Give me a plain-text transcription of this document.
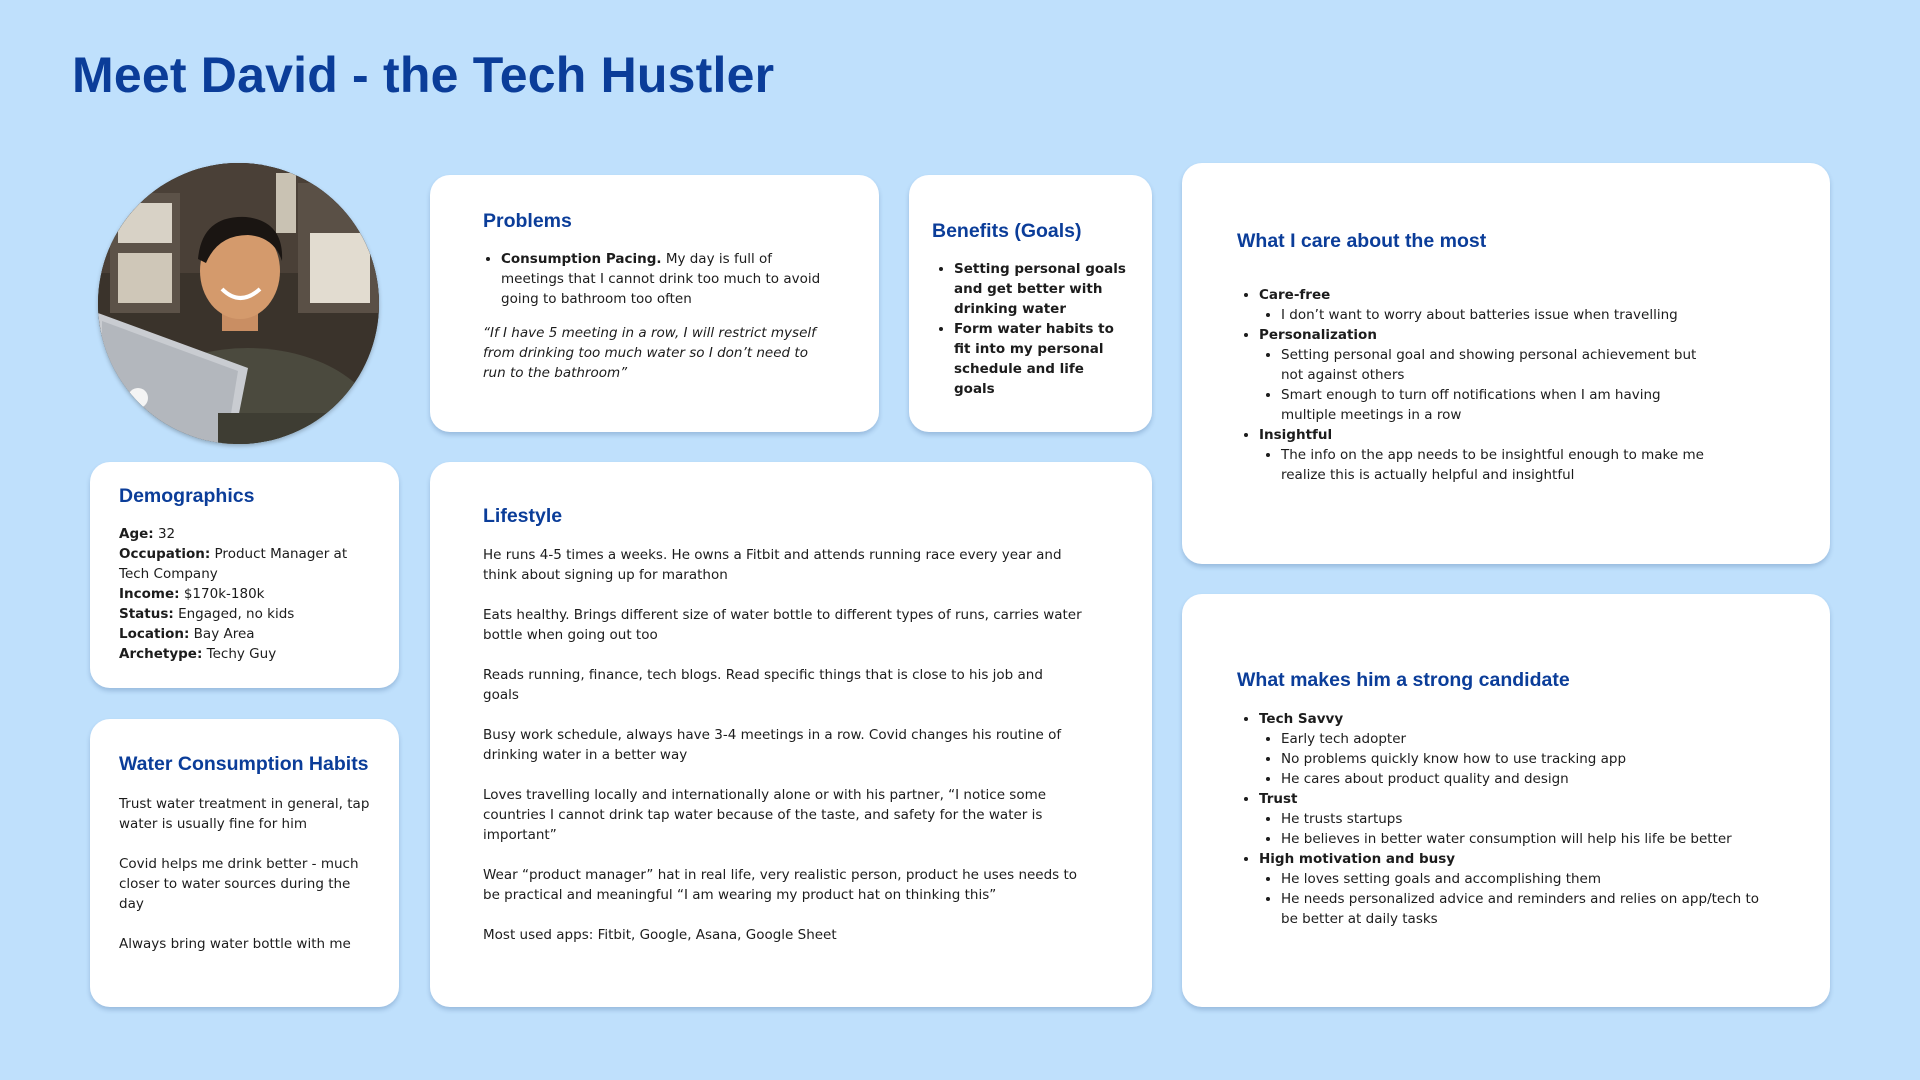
Meet David - the Tech Hustler
Demographics
Age: 32
Occupation: Product Manager at Tech Company
Income: $170k-180k
Status: Engaged, no kids
Location: Bay Area
Archetype: Techy Guy
Water Consumption Habits

Trust water treatment in general, tap water is usually fine for him

Covid helps me drink better - much closer to water sources during the day

Always bring water bottle with me

Problems
• Consumption Pacing. My day is full of meetings that I cannot drink too much to avoid going to bathroom too often
“If I have 5 meeting in a row, I will restrict myself from drinking too much water so I don’t need to run to the bathroom”
Benefits (Goals)
• Setting personal goals and get better with drinking water
• Form water habits to fit into my personal schedule and life goals
Lifestyle

He runs 4-5 times a weeks. He owns a Fitbit and attends running race every year and think about signing up for marathon

Eats healthy. Brings different size of water bottle to different types of runs, carries water bottle when going out too

Reads running, finance, tech blogs. Read specific things that is close to his job and goals

Busy work schedule, always have 3-4 meetings in a row. Covid changes his routine of drinking water in a better way

Loves travelling locally and internationally alone or with his partner, “I notice some countries I cannot drink tap water because of the taste, and safety for the water is important”

Wear “product manager” hat in real life, very realistic person, product he uses needs to be practical and meaningful “I am wearing my product hat on thinking this”

Most used apps: Fitbit, Google, Asana, Google Sheet

What I care about the most
• Care-free
• I don’t want to worry about batteries issue when travelling
• Personalization
• Setting personal goal and showing personal achievement but not against others
• Smart enough to turn off notifications when I am having multiple meetings in a row
• Insightful
• The info on the app needs to be insightful enough to make me realize this is actually helpful and insightful
What makes him a strong candidate
• Tech Savvy
• Early tech adopter
• No problems quickly know how to use tracking app
• He cares about product quality and design
• Trust
• He trusts startups
• He believes in better water consumption will help his life be better
• High motivation and busy
• He loves setting goals and accomplishing them
• He needs personalized advice and reminders and relies on app/tech to be better at daily tasks
